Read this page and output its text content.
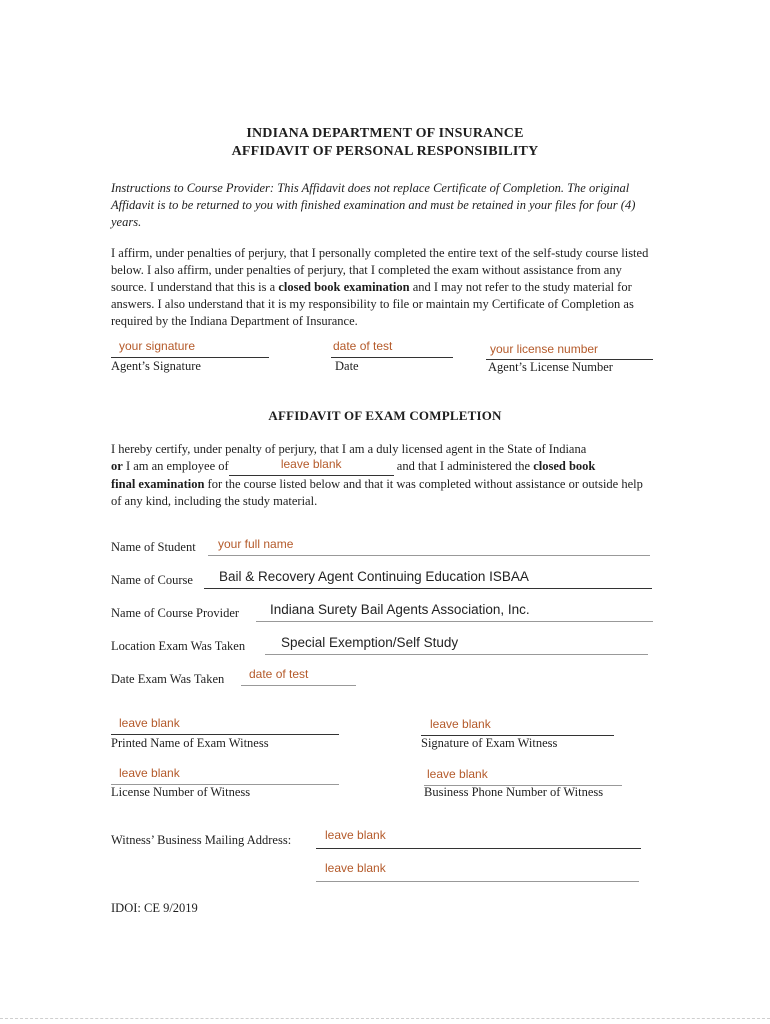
INDIANA DEPARTMENT OF INSURANCE
AFFIDAVIT OF PERSONAL RESPONSIBILITY
Instructions to Course Provider: This Affidavit does not replace Certificate of Completion. The original Affidavit is to be returned to you with finished examination and must be retained in your files for four (4) years.
I affirm, under penalties of perjury, that I personally completed the entire text of the self-study course listed below. I also affirm, under penalties of perjury, that I completed the exam without assistance from any source. I understand that this is a closed book examination and I may not refer to the study material for answers. I also understand that it is my responsibility to file or maintain my Certificate of Completion as required by the Indiana Department of Insurance.
your signature
Agent’s Signature
date of test
Date
your license number
Agent’s License Number
AFFIDAVIT OF EXAM COMPLETION
I hereby certify, under penalty of perjury, that I am a duly licensed agent in the State of Indiana
or I am an employee of	leave blank	and that I administered the closed book
final examination for the course listed below and that it was completed without assistance or outside help of any kind, including the study material.
Name of Student your full name
Name of Course Bail & Recovery Agent Continuing Education ISBAA
Name of Course Provider Indiana Surety Bail Agents Association, Inc.
Location Exam Was Taken	Special Exemption/Self Study
Date Exam Was Taken date of test
leave blank
Printed Name of Exam Witness
leave blank
Signature of Exam Witness
leave blank
License Number of Witness
leave blank
Business Phone Number of Witness
Witness’ Business Mailing Address:	leave blank
leave blank
IDOI: CE 9/2019
